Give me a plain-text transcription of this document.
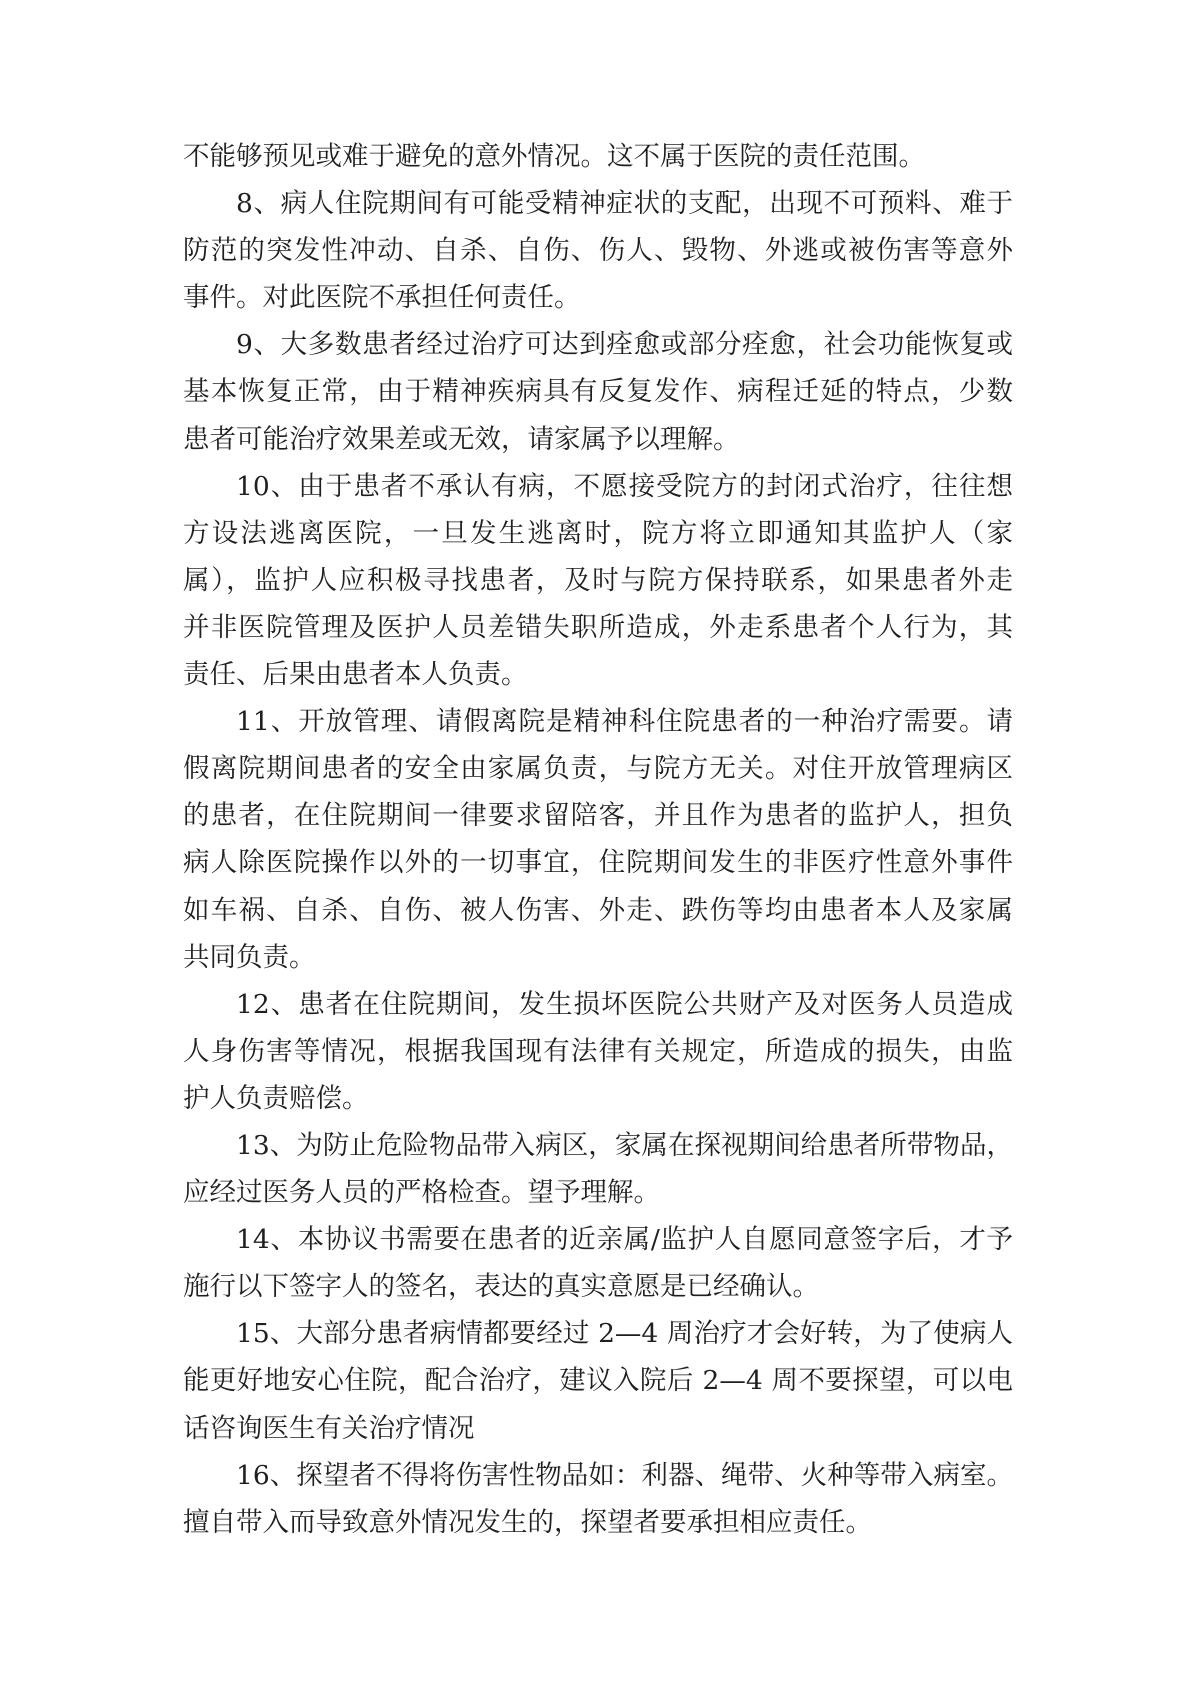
不能够预见或难于避免的意外情况。这不属于医院的责任范围。
8、病人住院期间有可能受精神症状的支配，出现不可预料、难于
防范的突发性冲动、自杀、自伤、伤人、毁物、外逃或被伤害等意外
事件。对此医院不承担任何责任。
9、大多数患者经过治疗可达到痊愈或部分痊愈，社会功能恢复或
基本恢复正常，由于精神疾病具有反复发作、病程迁延的特点，少数
患者可能治疗效果差或无效，请家属予以理解。
10、由于患者不承认有病，不愿接受院方的封闭式治疗，往往想
方设法逃离医院，一旦发生逃离时，院方将立即通知其监护人（家
属），监护人应积极寻找患者，及时与院方保持联系，如果患者外走
并非医院管理及医护人员差错失职所造成，外走系患者个人行为，其
责任、后果由患者本人负责。
11、开放管理、请假离院是精神科住院患者的一种治疗需要。请
假离院期间患者的安全由家属负责，与院方无关。对住开放管理病区
的患者，在住院期间一律要求留陪客，并且作为患者的监护人，担负
病人除医院操作以外的一切事宜，住院期间发生的非医疗性意外事件
如车祸、自杀、自伤、被人伤害、外走、跌伤等均由患者本人及家属
共同负责。
12、患者在住院期间，发生损坏医院公共财产及对医务人员造成
人身伤害等情况，根据我国现有法律有关规定，所造成的损失，由监
护人负责赔偿。
13、为防止危险物品带入病区，家属在探视期间给患者所带物品，
应经过医务人员的严格检查。望予理解。
14、本协议书需要在患者的近亲属/监护人自愿同意签字后，才予
施行以下签字人的签名，表达的真实意愿是已经确认。
15、大部分患者病情都要经过 2—4 周治疗才会好转，为了使病人
能更好地安心住院，配合治疗，建议入院后 2—4 周不要探望，可以电
话咨询医生有关治疗情况
16、探望者不得将伤害性物品如：利器、绳带、火种等带入病室。
擅自带入而导致意外情况发生的，探望者要承担相应责任。
